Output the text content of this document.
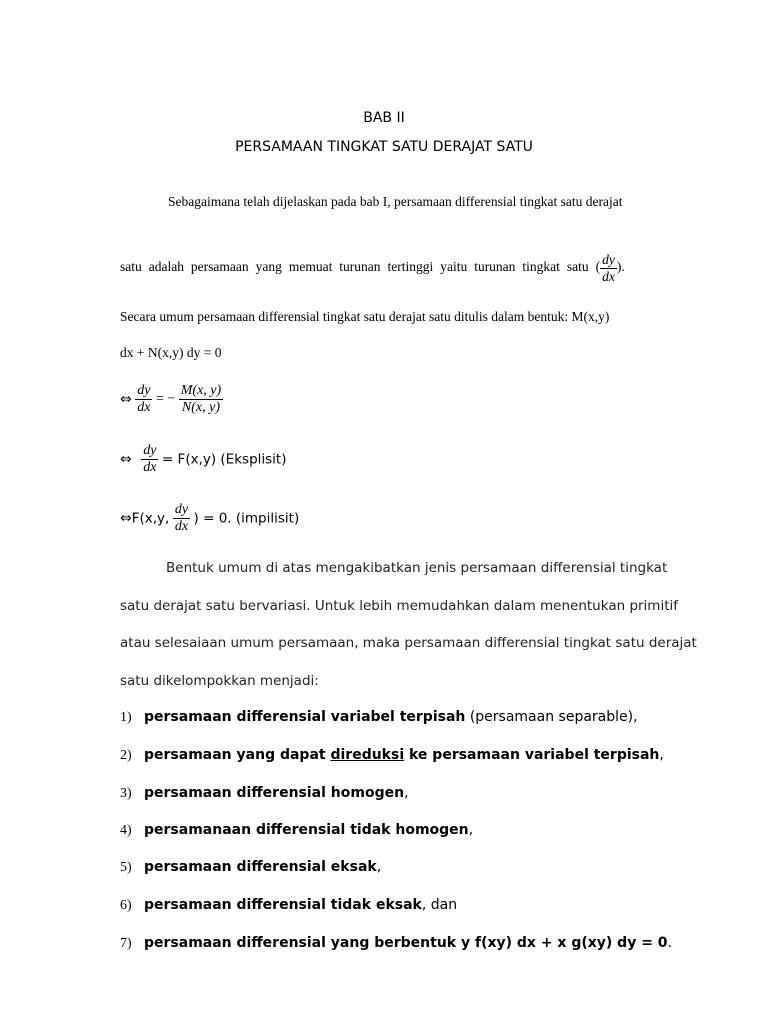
BAB II
PERSAMAAN TINGKAT SATU DERAJAT SATU
Sebagaimana telah dijelaskan pada bab I, persamaan differensial tingkat satu derajat
satu adalah persamaan yang memuat turunan tertinggi yaitu turunan tingkat satu ( $\frac{dy}{dx}$ ).
Secara umum persamaan differensial tingkat satu derajat satu ditulis dalam bentuk: M(x,y)
dx + N(x,y) dy = 0
⇔ $\frac{dy}{dx}$ = − $\frac{M(x, y)}{N(x, y)}$
⇔ $\frac{dy}{dx} = F(x,y)$ (Eksplisit)
⇔F(x,y, $\frac{dy}{dx}$ ) = 0. (impilisit)
Bentuk umum di atas mengakibatkan jenis persamaan differensial tingkat
satu derajat satu bervariasi. Untuk lebih memudahkan dalam menentukan primitif
atau selesaiaan umum persamaan, maka persamaan differensial tingkat satu derajat
satu dikelompokkan menjadi:
1) persamaan differensial variabel terpisah (persamaan separable),
2) persamaan yang dapat direduksi ke persamaan variabel terpisah,
3) persamaan differensial homogen,
4) persamanaan differensial tidak homogen,
5) persamaan differensial eksak,
6) persamaan differensial tidak eksak, dan
7) persamaan differensial yang berbentuk y f(xy) dx + x g(xy) dy = 0.
